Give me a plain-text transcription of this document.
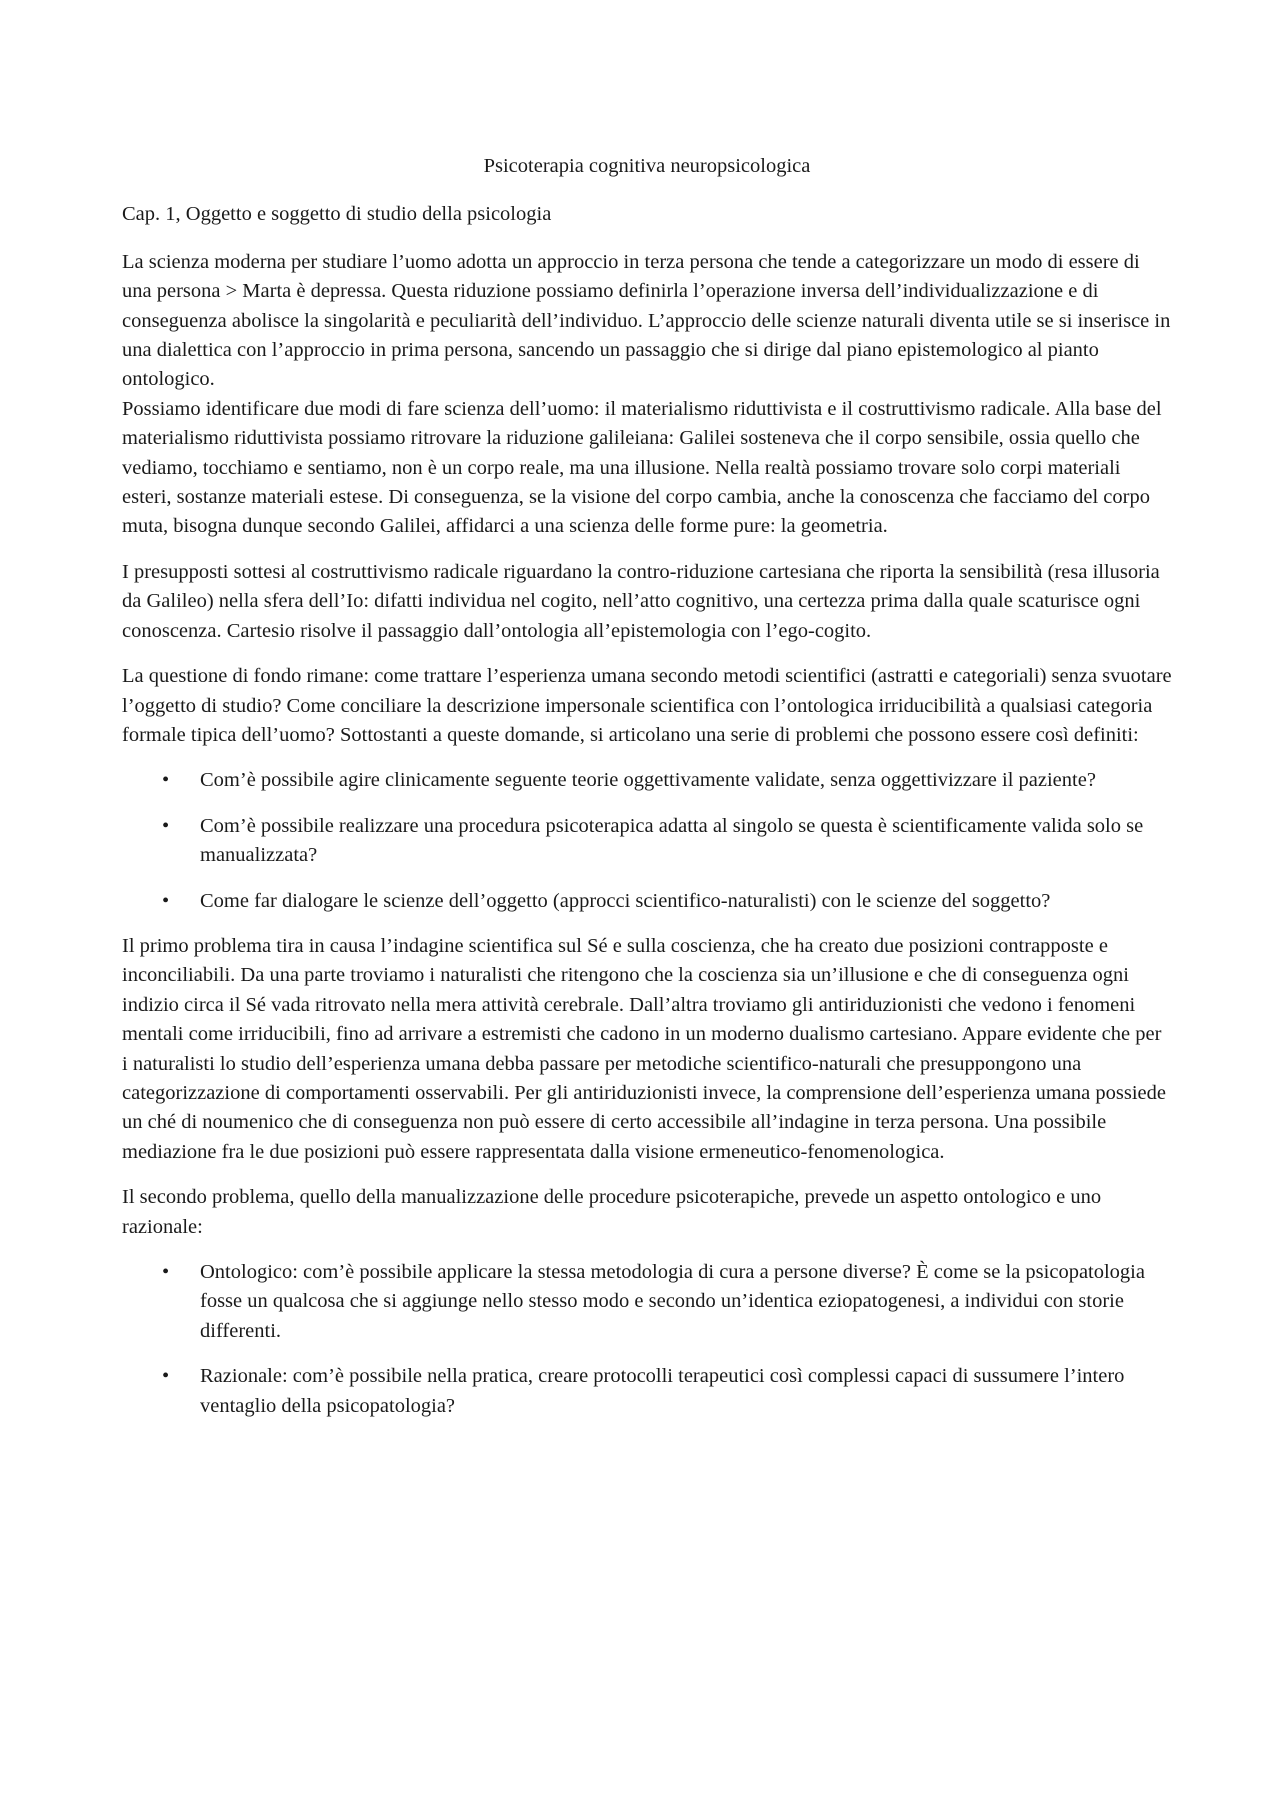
Psicoterapia cognitiva neuropsicologica
Cap. 1, Oggetto e soggetto di studio della psicologia

La scienza moderna per studiare l’uomo adotta un approccio in terza persona che tende a categorizzare un modo di essere di una persona > Marta è depressa. Questa riduzione possiamo definirla l’operazione inversa dell’individualizzazione e di conseguenza abolisce la singolarità e peculiarità dell’individuo. L’approccio delle scienze naturali diventa utile se si inserisce in una dialettica con l’approccio in prima persona, sancendo un passaggio che si dirige dal piano epistemologico al pianto ontologico.

Possiamo identificare due modi di fare scienza dell’uomo: il materialismo riduttivista e il costruttivismo radicale. Alla base del materialismo riduttivista possiamo ritrovare la riduzione galileiana: Galilei sosteneva che il corpo sensibile, ossia quello che vediamo, tocchiamo e sentiamo, non è un corpo reale, ma una illusione. Nella realtà possiamo trovare solo corpi materiali esteri, sostanze materiali estese. Di conseguenza, se la visione del corpo cambia, anche la conoscenza che facciamo del corpo muta, bisogna dunque secondo Galilei, affidarci a una scienza delle forme pure: la geometria.

I presupposti sottesi al costruttivismo radicale riguardano la contro-riduzione cartesiana che riporta la sensibilità (resa illusoria da Galileo) nella sfera dell’Io: difatti individua nel cogito, nell’atto cognitivo, una certezza prima dalla quale scaturisce ogni conoscenza. Cartesio risolve il passaggio dall’ontologia all’epistemologia con l’ego-cogito.

La questione di fondo rimane: come trattare l’esperienza umana secondo metodi scientifici (astratti e categoriali) senza svuotare l’oggetto di studio? Come conciliare la descrizione impersonale scientifica con l’ontologica irriducibilità a qualsiasi categoria formale tipica dell’uomo? Sottostanti a queste domande, si articolano una serie di problemi che possono essere così definiti:

• Com’è possibile agire clinicamente seguente teorie oggettivamente validate, senza oggettivizzare il paziente?
• Com’è possibile realizzare una procedura psicoterapica adatta al singolo se questa è scientificamente valida solo se manualizzata?
• Come far dialogare le scienze dell’oggetto (approcci scientifico-naturalisti) con le scienze del soggetto?

Il primo problema tira in causa l’indagine scientifica sul Sé e sulla coscienza, che ha creato due posizioni contrapposte e inconciliabili. Da una parte troviamo i naturalisti che ritengono che la coscienza sia un’illusione e che di conseguenza ogni indizio circa il Sé vada ritrovato nella mera attività cerebrale. Dall’altra troviamo gli antiriduzionisti che vedono i fenomeni mentali come irriducibili, fino ad arrivare a estremisti che cadono in un moderno dualismo cartesiano. Appare evidente che per i naturalisti lo studio dell’esperienza umana debba passare per metodiche scientifico-naturali che presuppongono una categorizzazione di comportamenti osservabili. Per gli antiriduzionisti invece, la comprensione dell’esperienza umana possiede un ché di noumenico che di conseguenza non può essere di certo accessibile all’indagine in terza persona. Una possibile mediazione fra le due posizioni può essere rappresentata dalla visione ermeneutico-fenomenologica.

Il secondo problema, quello della manualizzazione delle procedure psicoterapiche, prevede un aspetto ontologico e uno razionale:

• Ontologico: com’è possibile applicare la stessa metodologia di cura a persone diverse? È come se la psicopatologia fosse un qualcosa che si aggiunge nello stesso modo e secondo un’identica eziopatogenesi, a individui con storie differenti.
• Razionale: com’è possibile nella pratica, creare protocolli terapeutici così complessi capaci di sussumere l’intero ventaglio della psicopatologia?
